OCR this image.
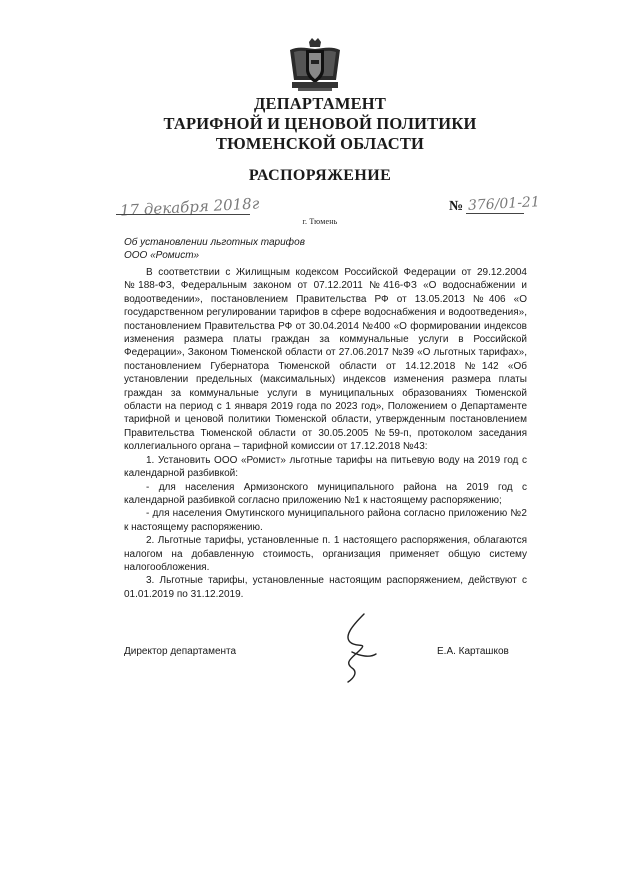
ДЕПАРТАМЕНТ
ТАРИФНОЙ И ЦЕНОВОЙ ПОЛИТИКИ
ТЮМЕНСКОЙ ОБЛАСТИ
РАСПОРЯЖЕНИЕ
17 декабря 2018г	№ 376/01-21
г. Тюмень
Об установлении льготных тарифов
ООО «Ромист»

В соответствии с Жилищным кодексом Российской Федерации от 29.12.2004 №188-ФЗ, Федеральным законом от 07.12.2011 №416-ФЗ «О водоснабжении и водоотведении», постановлением Правительства РФ от 13.05.2013 №406 «О государственном регулировании тарифов в сфере водоснабжения и водоотведения», постановлением Правительства РФ от 30.04.2014 №400 «О формировании индексов изменения размера платы граждан за коммунальные услуги в Российской Федерации», Законом Тюменской области от 27.06.2017 №39 «О льготных тарифах», постановлением Губернатора Тюменской области от 14.12.2018 №142 «Об установлении предельных (максимальных) индексов изменения размера платы граждан за коммунальные услуги в муниципальных образованиях Тюменской области на период с 1 января 2019 года по 2023 год», Положением о Департаменте тарифной и ценовой политики Тюменской области, утвержденным постановлением Правительства Тюменской области от 30.05.2005 №59-п, протоколом заседания коллегиального органа – тарифной комиссии от 17.12.2018 №43:

1. Установить ООО «Ромист» льготные тарифы на питьевую воду на 2019 год с календарной разбивкой:

- для населения Армизонского муниципального района на 2019 год с календарной разбивкой согласно приложению №1 к настоящему распоряжению;

- для населения Омутинского муниципального района согласно приложению №2 к настоящему распоряжению.

2. Льготные тарифы, установленные п. 1 настоящего распоряжения, облагаются налогом на добавленную стоимость, организация применяет общую систему налогообложения.

3. Льготные тарифы, установленные настоящим распоряжением, действуют с 01.01.2019 по 31.12.2019.

Директор департамента	Е.А. Карташков
